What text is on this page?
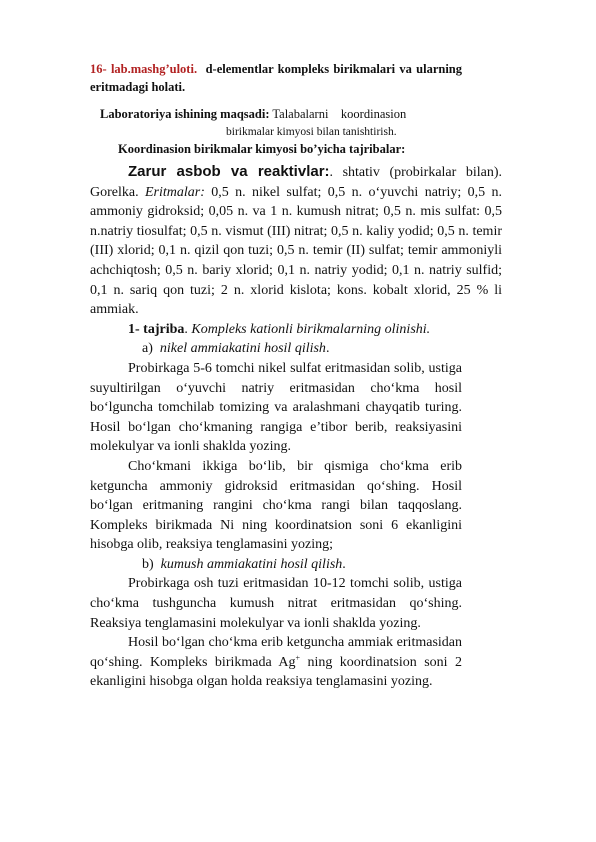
16- lab.mashg’uloti. d-elementlar kompleks birikmalari va ularning eritmadagi holati.
Laboratoriya ishining maqsadi: Talabalarni    koordinasion
birikmalar kimyosi bilan tanishtirish.
Koordinasion birikmalar kimyosi bo’yicha tajribalar:

Zarur asbob va reaktivlar:. shtativ (probirkalar bilan). Gorelka. Eritmalar: 0,5 n. nikel sulfat; 0,5 n. o‘yuvchi natriy; 0,5 n. ammoniy gidroksid; 0,05 n. va 1 n. kumush nitrat; 0,5 n. mis sulfat: 0,5 n.natriy tiosulfat; 0,5 n. vismut (III) nitrat; 0,5 n. kaliy yodid; 0,5 n. temir (III) xlorid; 0,1 n. qizil qon tuzi; 0,5 n. temir (II) sulfat; temir ammoniyli achchiqtosh; 0,5 n. bariy xlorid; 0,1 n. natriy yodid; 0,1 n. natriy sulfid; 0,1 n. sariq qon tuzi; 2 n. xlorid kislota; kons. kobalt xlorid, 25 % li ammiak.

1- tajriba. Kompleks kationli birikmalarning olinishi.

a) nikel ammiakatini hosil qilish.

Probirkaga 5-6 tomchi nikel sulfat eritmasidan solib, ustiga suyultirilgan o‘yuvchi natriy eritmasidan cho‘kma hosil bo‘lguncha tomchilab tomizing va aralashmani chayqatib turing. Hosil bo‘lgan cho‘kmaning rangiga e’tibor berib, reaksiyasini molekulyar va ionli shaklda yozing.

Cho‘kmani ikkiga bo‘lib, bir qismiga cho‘kma erib ketguncha ammoniy gidroksid eritmasidan qo‘shing. Hosil bo‘lgan eritmaning rangini cho‘kma rangi bilan taqqoslang. Kompleks birikmada Ni ning koordinatsion soni 6 ekanligini hisobga olib, reaksiya tenglamasini yozing;

b) kumush ammiakatini hosil qilish.

Probirkaga osh tuzi eritmasidan 10-12 tomchi solib, ustiga cho‘kma tushguncha kumush nitrat eritmasidan qo‘shing. Reaksiya tenglamasini molekulyar va ionli shaklda yozing.

Hosil bo‘lgan cho‘kma erib ketguncha ammiak eritmasidan qo‘shing. Kompleks birikmada Ag+ ning koordinatsion soni 2 ekanligini hisobga olgan holda reaksiya tenglamasini yozing.
